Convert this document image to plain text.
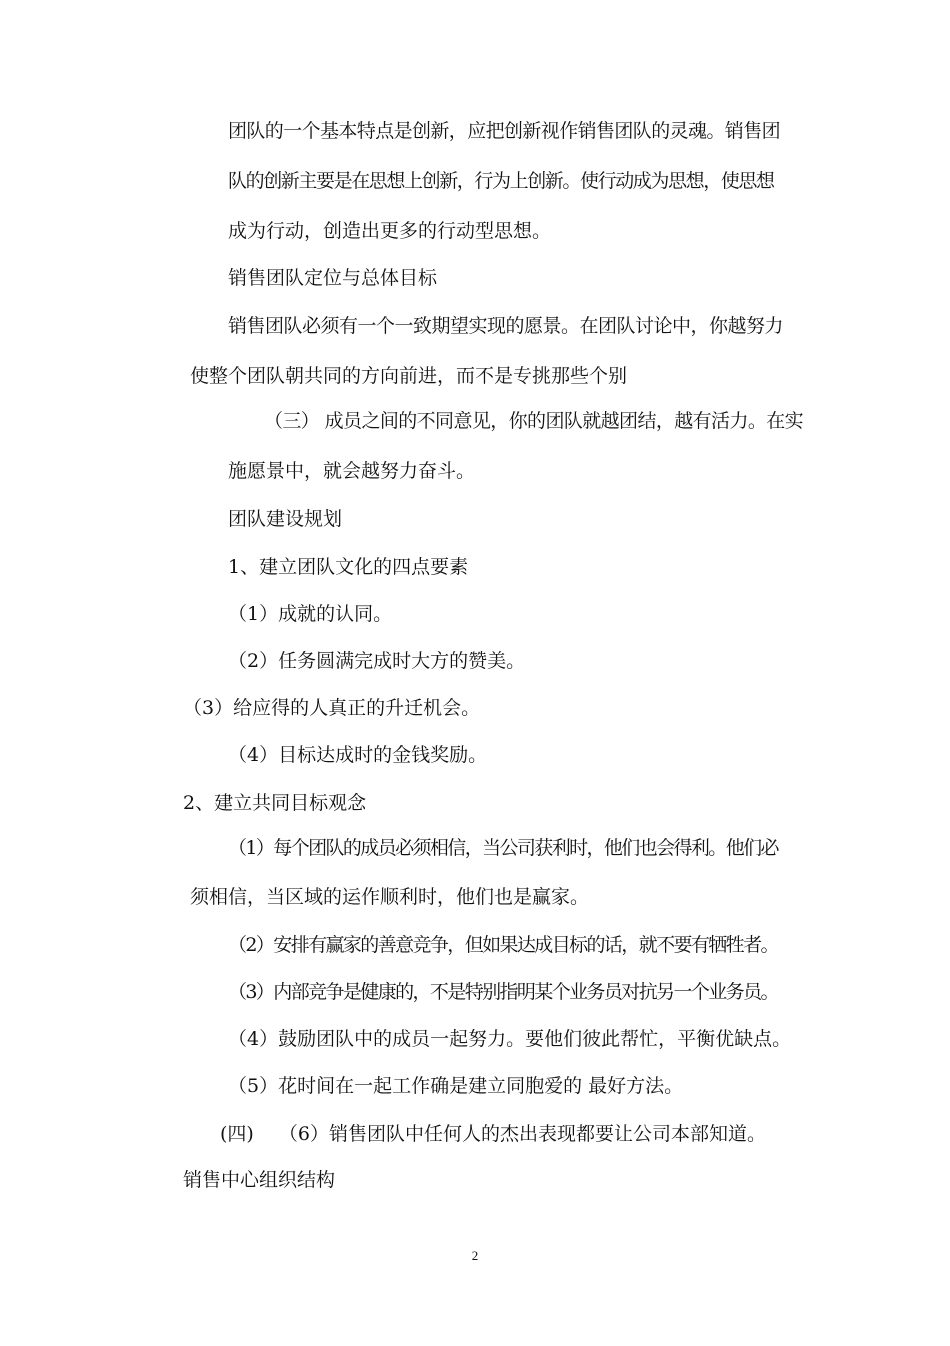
团队的一个基本特点是创新，应把创新视作销售团队的灵魂。销售团

队的创新主要是在思想上创新，行为上创新。使行动成为思想，使思想

成为行动，创造出更多的行动型思想。

销售团队定位与总体目标

销售团队必须有一个一致期望实现的愿景。在团队讨论中，你越努力

使整个团队朝共同的方向前进，而不是专挑那些个别

（三） 成员之间的不同意见，你的团队就越团结，越有活力。在实

施愿景中，就会越努力奋斗。

团队建设规划

1、建立团队文化的四点要素

（1）成就的认同。

（2）任务圆满完成时大方的赞美。

（3）给应得的人真正的升迁机会。

（4）目标达成时的金钱奖励。

2、建立共同目标观念

（1）每个团队的成员必须相信，当公司获利时，他们也会得利。他们必

须相信，当区域的运作顺利时，他们也是赢家。

（2）安排有赢家的善意竞争，但如果达成目标的话，就不要有牺牲者。

（3）内部竞争是健康的，不是特别指明某个业务员对抗另一个业务员。

（4）鼓励团队中的成员一起努力。要他们彼此帮忙，平衡优缺点。

（5）花时间在一起工作确是建立同胞爱的 最好方法。

(四)　 （6）销售团队中任何人的杰出表现都要让公司本部知道。

销售中心组织结构

2
